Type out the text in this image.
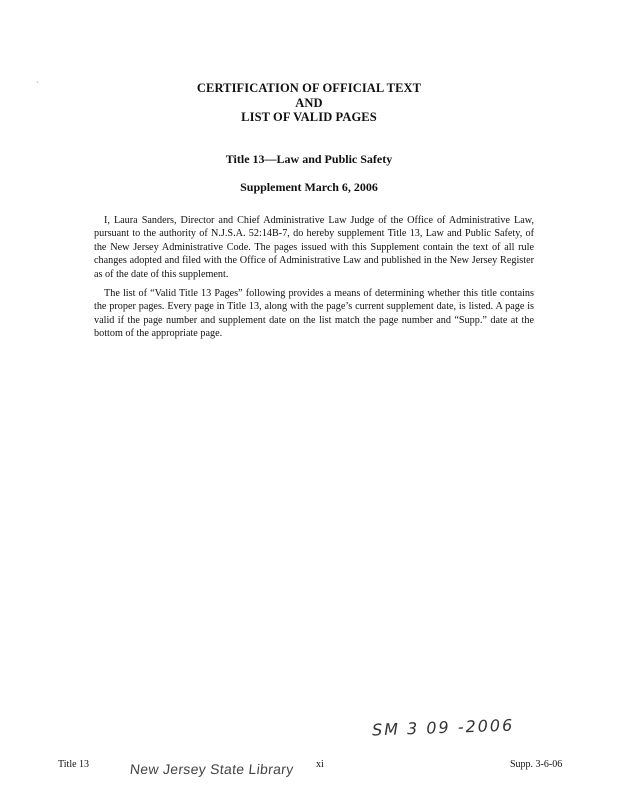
`	CERTIFICATION OF OFFICIAL TEXT
AND
LIST OF VALID PAGES
Title 13—Law and Public Safety
Supplement March 6, 2006

I, Laura Sanders, Director and Chief Administrative Law Judge of the Office of Administrative Law, pursuant to the authority of N.J.S.A. 52:14B-7, do hereby supplement Title 13, Law and Public Safety, of the New Jersey Administrative Code. The pages issued with this Supplement contain the text of all rule changes adopted and filed with the Office of Administrative Law and published in the New Jersey Register as of the date of this supplement.

The list of “Valid Title 13 Pages” following provides a means of determining whether this title contains the proper pages. Every page in Title 13, along with the page’s current supplement date, is listed. A page is valid if the page number and supplement date on the list match the page number and “Supp.” date at the bottom of the appropriate page.

SM 3 09 -2006
Title 13	New Jersey State Library xi	Supp. 3-6-06
